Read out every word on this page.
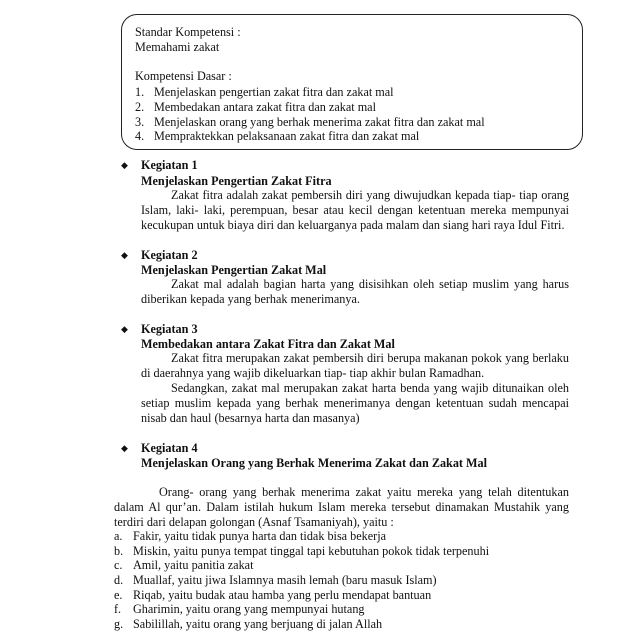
Standar Kompetensi :
Memahami zakat
Kompetensi Dasar :
1. Menjelaskan pengertian zakat fitra dan zakat mal
2. Membedakan antara zakat fitra dan zakat mal
3. Menjelaskan orang yang berhak menerima zakat fitra dan zakat mal
4. Mempraktekkan pelaksanaan zakat fitra dan zakat mal
◆ Kegiatan 1
Menjelaskan Pengertian Zakat Fitra

Zakat fitra adalah zakat pembersih diri yang diwujudkan kepada tiap- tiap orang Islam, laki- laki, perempuan, besar atau kecil dengan ketentuan mereka mempunyai kecukupan untuk biaya diri dan keluarganya pada malam dan siang hari raya Idul Fitri.

◆ Kegiatan 2
Menjelaskan Pengertian Zakat Mal

Zakat mal adalah bagian harta yang disisihkan oleh setiap muslim yang harus diberikan kepada yang berhak menerimanya.

◆ Kegiatan 3
Membedakan antara Zakat Fitra dan Zakat Mal

Zakat fitra merupakan zakat pembersih diri berupa makanan pokok yang berlaku di daerahnya yang wajib dikeluarkan tiap- tiap akhir bulan Ramadhan.

Sedangkan, zakat mal merupakan zakat harta benda yang wajib ditunaikan oleh setiap muslim kepada yang berhak menerimanya dengan ketentuan sudah mencapai nisab dan haul (besarnya harta dan masanya)

◆ Kegiatan 4
Menjelaskan Orang yang Berhak Menerima Zakat dan Zakat Mal

Orang- orang yang berhak menerima zakat yaitu mereka yang telah ditentukan dalam Al qur’an. Dalam istilah hukum Islam mereka tersebut dinamakan Mustahik yang terdiri dari delapan golongan (Asnaf Tsamaniyah), yaitu :

a. Fakir, yaitu tidak punya harta dan tidak bisa bekerja
b. Miskin, yaitu punya tempat tinggal tapi kebutuhan pokok tidak terpenuhi
c. Amil, yaitu panitia zakat
d. Muallaf, yaitu jiwa Islamnya masih lemah (baru masuk Islam)
e. Riqab, yaitu budak atau hamba yang perlu mendapat bantuan
f. Gharimin, yaitu orang yang mempunyai hutang
g. Sabilillah, yaitu orang yang berjuang di jalan Allah
